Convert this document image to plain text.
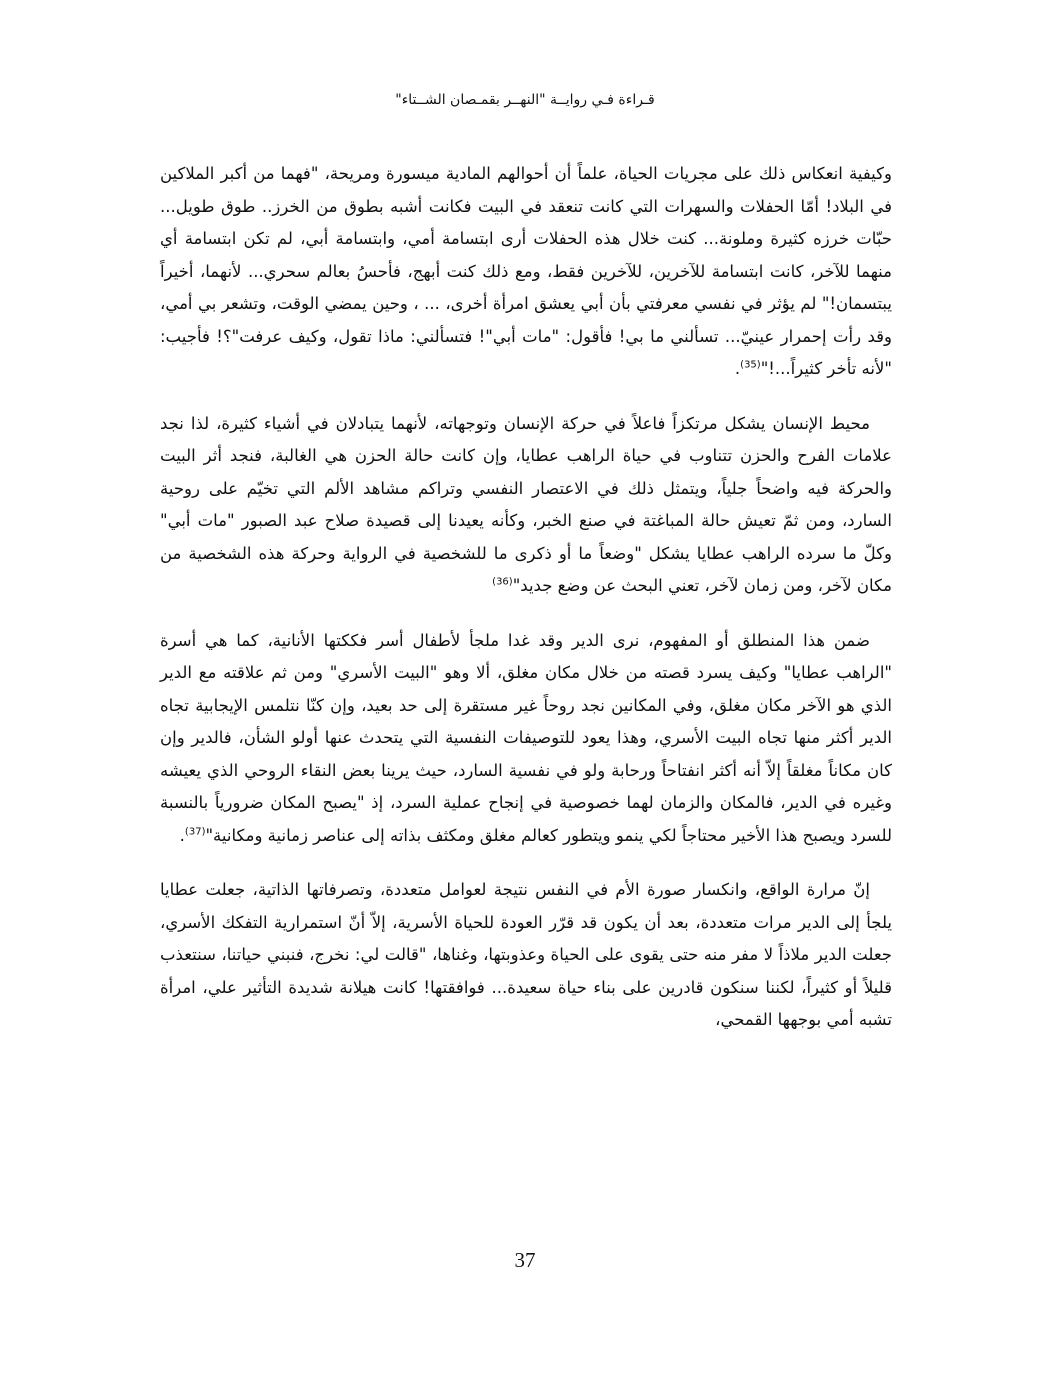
قـراءة فـي روايــة "النهــر بقمـصان الشــتاء"

وكيفية انعكاس ذلك على مجريات الحياة، علماً أن أحوالهم المادية ميسورة ومريحة، "فهما من أكبر الملاكين في البلاد! أمّا الحفلات والسهرات التي كانت تنعقد في البيت فكانت أشبه بطوق من الخرز.. طوق طويل... حبّات خرزه كثيرة وملونة... كنت خلال هذه الحفلات أرى ابتسامة أمي، وابتسامة أبي، لم تكن ابتسامة أي منهما للآخر، كانت ابتسامة للآخرين، للآخرين فقط، ومع ذلك كنت أبهج، فأحسُ بعالم سحري... لأنهما، أخيراً يبتسمان!" لم يؤثر في نفسي معرفتي بأن أبي يعشق امرأة أخرى، ... ، وحين يمضي الوقت، وتشعر بي أمي، وقد رأت إحمرار عينيّ... تسألني ما بي! فأقول: "مات أبي"! فتسألني: ماذا تقول، وكيف عرفت"؟! فأجيب: "لأنه تأخر كثيراً...!"$^{(35)}$.

محيط الإنسان يشكل مرتكزاً فاعلاً في حركة الإنسان وتوجهاته، لأنهما يتبادلان في أشياء كثيرة، لذا نجد علامات الفرح والحزن تتناوب في حياة الراهب عطايا، وإن كانت حالة الحزن هي الغالبة، فنجد أثر البيت والحركة فيه واضحاً جلياً، ويتمثل ذلك في الاعتصار النفسي وتراكم مشاهد الألم التي تخيّم على روحية السارد، ومن ثمّ تعيش حالة المباغتة في صنع الخبر، وكأنه يعيدنا إلى قصيدة صلاح عبد الصبور "مات أبي" وكلّ ما سرده الراهب عطايا يشكل "وضعاً ما أو ذكرى ما للشخصية في الرواية وحركة هذه الشخصية من مكان لآخر، ومن زمان لآخر، تعني البحث عن وضع جديد"$^{(36)}$

ضمن هذا المنطلق أو المفهوم، نرى الدير وقد غدا ملجأ لأطفال أسر فككتها الأنانية، كما هي أسرة "الراهب عطايا" وكيف يسرد قصته من خلال مكان مغلق، ألا وهو "البيت الأسري" ومن ثم علاقته مع الدير الذي هو الآخر مكان مغلق، وفي المكانين نجد روحاً غير مستقرة إلى حد بعيد، وإن كنّا نتلمس الإيجابية تجاه الدير أكثر منها تجاه البيت الأسري، وهذا يعود للتوصيفات النفسية التي يتحدث عنها أولو الشأن، فالدير وإن كان مكاناً مغلقاً إلاّ أنه أكثر انفتاحاً ورحابة ولو في نفسية السارد، حيث يرينا بعض النقاء الروحي الذي يعيشه وغيره في الدير، فالمكان والزمان لهما خصوصية في إنجاح عملية السرد، إذ "يصبح المكان ضرورياً بالنسبة للسرد ويصبح هذا الأخير محتاجاً لكي ينمو ويتطور كعالم مغلق ومكثف بذاته إلى عناصر زمانية ومكانية"$^{(37)}$.

إنّ مرارة الواقع، وانكسار صورة الأم في النفس نتيجة لعوامل متعددة، وتصرفاتها الذاتية، جعلت عطايا يلجأ إلى الدير مرات متعددة، بعد أن يكون قد قرّر العودة للحياة الأسرية، إلاّ أنّ استمرارية التفكك الأسري، جعلت الدير ملاذاً لا مفر منه حتى يقوى على الحياة وعذوبتها، وغناها، "قالت لي: نخرج، فنبني حياتنا، سنتعذب قليلاً أو كثيراً، لكننا سنكون قادرين على بناء حياة سعيدة... فوافقتها! كانت هيلانة شديدة التأثير علي، امرأة تشبه أمي بوجهها القمحي،

37
